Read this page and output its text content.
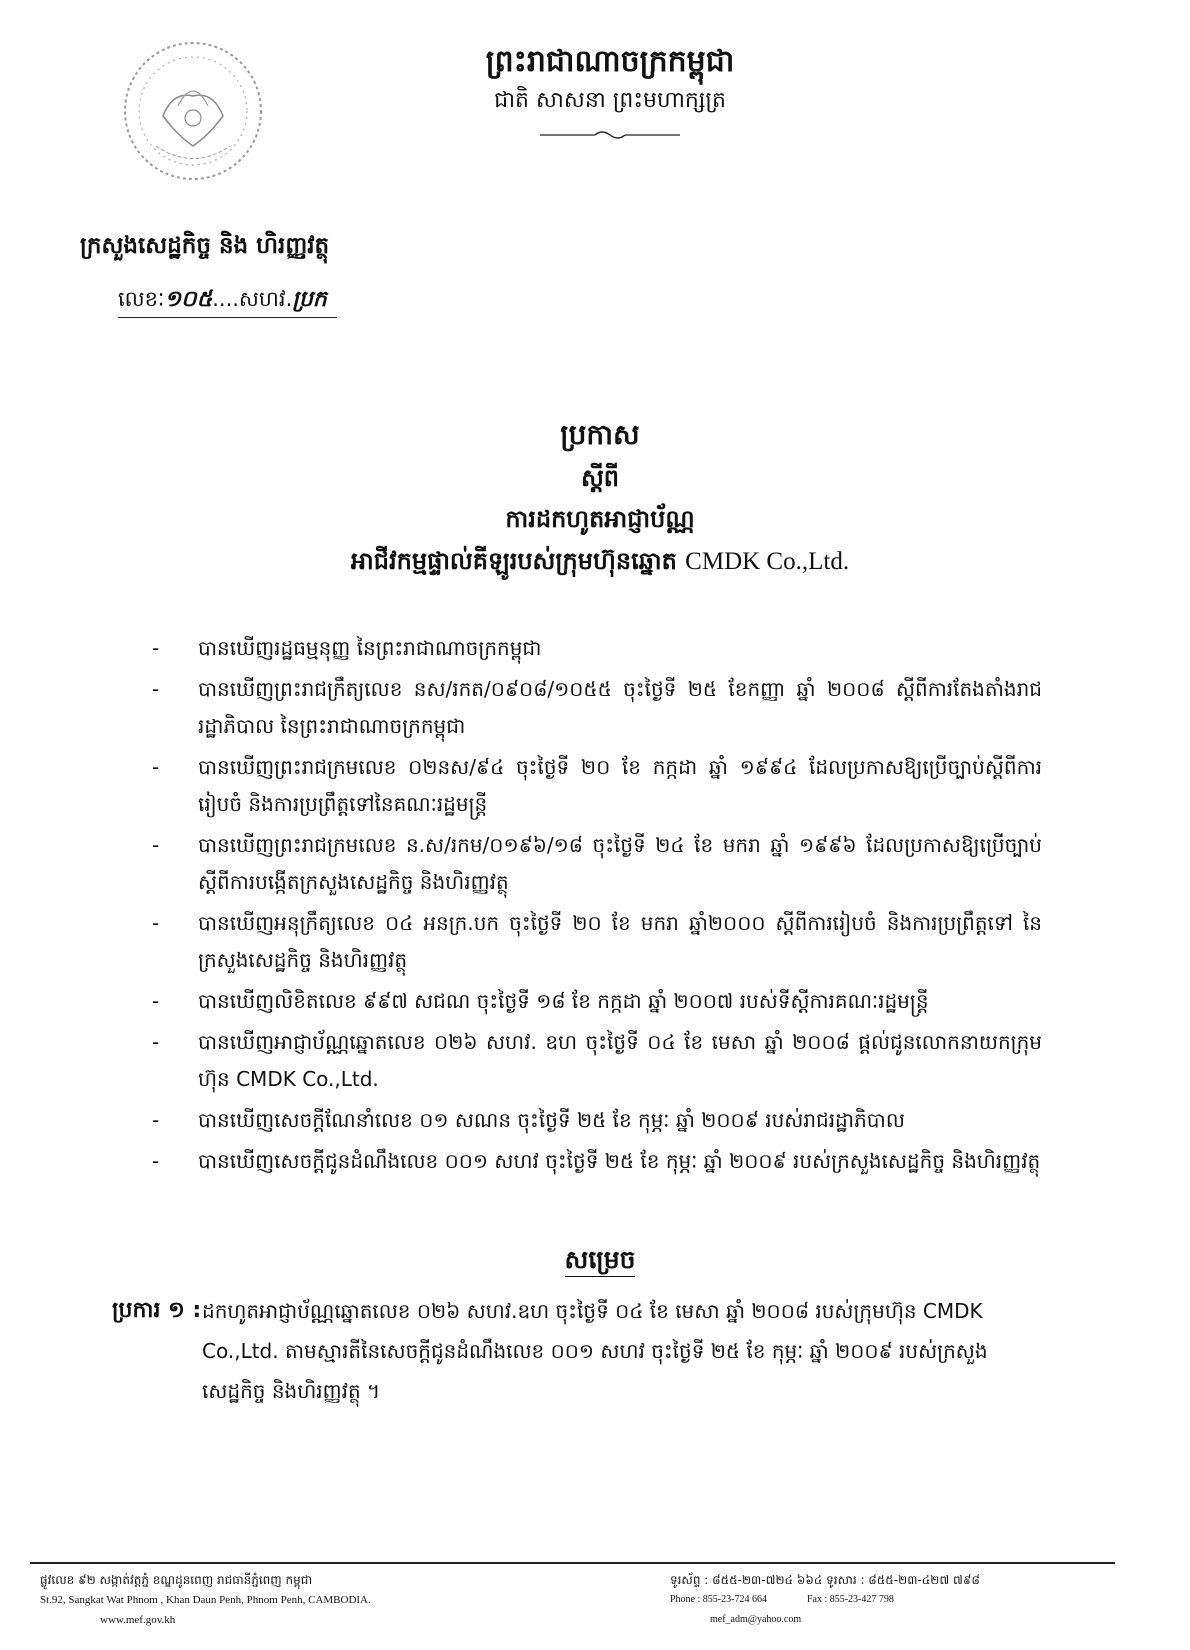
ព្រះរាជាណាចក្រកម្ពុជា
ជាតិ សាសនា ព្រះមហាក្សត្រ
ក្រសួងសេដ្ឋកិច្ច និង ហិរញ្ញវត្ថុ
លេខៈ១០៥....សហវ.ប្រក
ប្រកាស
ស្ដីពី
ការដកហូតអាជ្ញាប័ណ្ណ
អាជីវកម្មផ្ទាល់គីឡូរបស់ក្រុមហ៊ុនឆ្នោត CMDK Co.,Ltd.
-	បានឃើញរដ្ឋធម្មនុញ្ញ នៃព្រះរាជាណាចក្រកម្ពុជា
-	បានឃើញព្រះរាជក្រឹត្យលេខ នស/រកត/០៩០៨/១០៥៥ ចុះថ្ងៃទី ២៥ ខែកញ្ញា ឆ្នាំ ២០០៨ ស្ដីពីការតែងតាំងរាជរដ្ឋាភិបាល នៃព្រះរាជាណាចក្រកម្ពុជា
-	បានឃើញព្រះរាជក្រមលេខ ០២នស/៩៤ ចុះថ្ងៃទី ២០ ខែ កក្កដា ឆ្នាំ ១៩៩៤ ដែលប្រកាសឱ្យប្រើច្បាប់ស្ដីពីការរៀបចំ និងការប្រព្រឹត្តទៅនៃគណៈរដ្ឋមន្ត្រី
-	បានឃើញព្រះរាជក្រមលេខ ន.ស/រកម/០១៩៦/១៨ ចុះថ្ងៃទី ២៤ ខែ មករា ឆ្នាំ ១៩៩៦ ដែលប្រកាសឱ្យប្រើច្បាប់ ស្ដីពីការបង្កើតក្រសួងសេដ្ឋកិច្ច និងហិរញ្ញវត្ថុ
-	បានឃើញអនុក្រឹត្យលេខ ០៤ អនក្រ.បក ចុះថ្ងៃទី ២០ ខែ មករា ឆ្នាំ២០០០ ស្ដីពីការរៀបចំ និងការប្រព្រឹត្តទៅ នៃក្រសួងសេដ្ឋកិច្ច និងហិរញ្ញវត្ថុ
-	បានឃើញលិខិតលេខ ៩៩៧ សជណ ចុះថ្ងៃទី ១៨ ខែ កក្កដា ឆ្នាំ ២០០៧ របស់ទីស្ដីការគណៈរដ្ឋមន្ត្រី
-	បានឃើញអាជ្ញាប័ណ្ណឆ្នោតលេខ ០២៦ សហវ. ឧហ ចុះថ្ងៃទី ០៤ ខែ មេសា ឆ្នាំ ២០០៨ ផ្ដល់ជូនលោកនាយកក្រុមហ៊ុន CMDK Co.,Ltd.
-	បានឃើញសេចក្ដីណែនាំលេខ ០១ សណន ចុះថ្ងៃទី ២៥ ខែ កុម្ភៈ ឆ្នាំ ២០០៩ របស់រាជរដ្ឋាភិបាល
-	បានឃើញសេចក្ដីជូនដំណឹងលេខ ០០១ សហវ ចុះថ្ងៃទី ២៥ ខែ កុម្ភៈ ឆ្នាំ ២០០៩ របស់ក្រសួងសេដ្ឋកិច្ច និងហិរញ្ញវត្ថុ
សម្រេច
ប្រការ ១ : ដកហូតអាជ្ញាប័ណ្ណឆ្នោតលេខ ០២៦ សហវ.ឧហ ចុះថ្ងៃទី ០៤ ខែ មេសា ឆ្នាំ ២០០៨ របស់ក្រុមហ៊ុន CMDK Co.,Ltd. តាមស្មារតីនៃសេចក្ដីជូនដំណឹងលេខ ០០១ សហវ ចុះថ្ងៃទី ២៥ ខែ កុម្ភៈ ឆ្នាំ ២០០៩ របស់ក្រសួងសេដ្ឋកិច្ច និងហិរញ្ញវត្ថុ ។
ផ្លូវលេខ ៩២ សង្កាត់វត្តភ្នំ ខណ្ឌដូនពេញ រាជធានីភ្នំពេញ កម្ពុជា
St.92, Sangkat Wat Phnom , Khan Daun Penh, Phnom Penh, CAMBODIA.
www.mef.gov.kh
ទូរស័ព្ទ : ៨៥៥-២៣-៧២៤ ៦៦៤ ទូរសារ : ៨៥៥-២៣-៤២៧ ៧៩៨
Phone : 855-23-724 664	Fax : 855-23-427 798
mef_adm@yahoo.com
